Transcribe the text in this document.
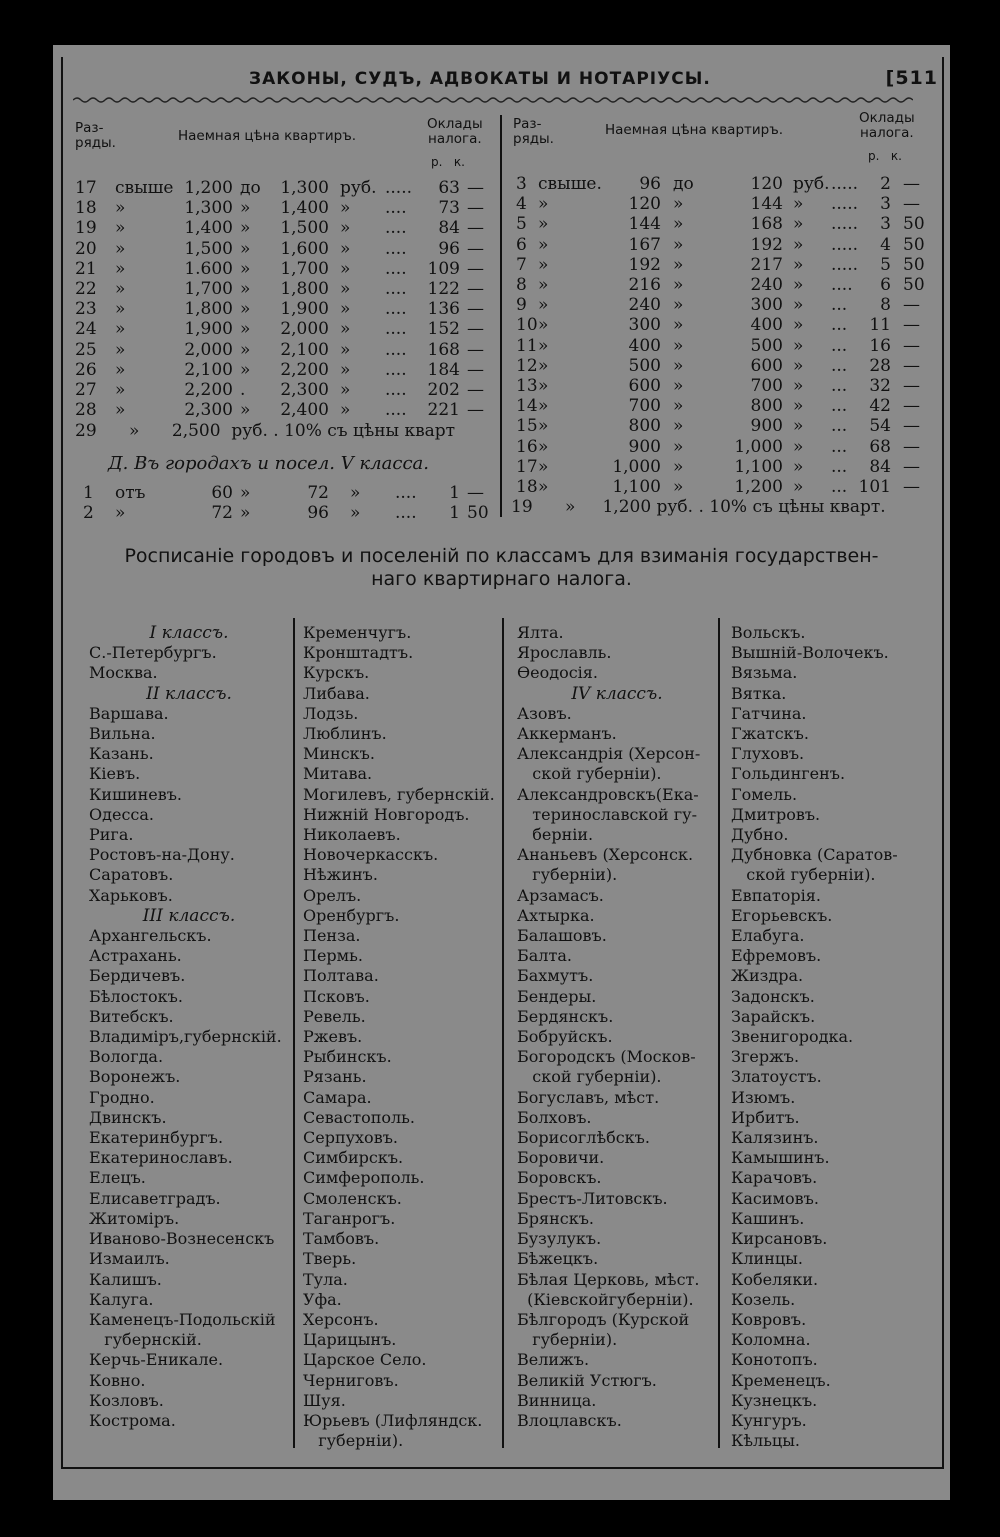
ЗАКОНЫ, СУДЪ, АДВОКАТЫ И НОТАРІУСЫ.	[511
Раз-
ряды.	Наемная цѣна квартиръ.
Оклады
налога.
р.   к.
Раз-
ряды.
Наемная цѣна квартиръ.
Оклады
налога.
р.   к.
17 свыше 1,200 до 1,300 руб. ..... 63 —
18 »	1,300 » 1,400 » .... 73 —
19 »	1,400 » 1,500 » .... 84 —
20 »	1,500 » 1,600 » .... 96 —
21 »	1.600 » 1,700 » .... 109 —
22 »	1,700 » 1,800 » .... 122 —
23 »	1,800 » 1,900 » .... 136 —
24 »	1,900 » 2,000 » .... 152 —
25 »	2,000 » 2,100 » .... 168 —
26 »	2,100 » 2,200 » .... 184 —
27 »	2,200 . 2,300 » .... 202 —
28 »	2,300 » 2,400 » .... 221 —
29      »      2,500  руб. . 10% съ цѣны кварт
Д. Въ городахъ и посел. V класса.
1 отъ	60 »	72 » .... 1 —
2 »	72 »	96 » .... 1 50
3 свыше. 96 до	120 руб. ..... 2 —
4 »	120 »	144 » ..... 3 —
5 »	144 »	168 » ..... 3 50
6 »	167 »	192 » ..... 4 50
7 »	192 »	217 » ..... 5 50
8 »	216 »	240 » .... 6 50
9 »	240 »	300 » ... 8 —
10 »	300 »	400 » ... 11 —
11 »	400 »	500 » ... 16 —
12 »	500 »	600 » ... 28 —
13 »	600 »	700 » ... 32 —
14 »	700 »	800 » ... 42 —
15 »	800 »	900 » ... 54 —
16 »	900 »	1,000 » ... 68 —
17 »	1,000 »	1,100 » ... 84 —
18 »	1,100 »	1,200 » ... 101 —
19      »     1,200 руб. . 10% съ цѣны кварт.
Росписаніе городовъ и поселеній по классамъ для взиманія государствен-
наго квартирнаго налога.
I классъ.
С.-Петербургъ.
Москва.
II классъ.
Варшава.
Вильна.
Казань.
Кіевъ.
Кишиневъ.
Одесса.
Рига.
Ростовъ-на-Дону.
Саратовъ.
Харьковъ.
III классъ.
Архангельскъ.
Астрахань.
Бердичевъ.
Бѣлостокъ.
Витебскъ.
Владиміръ,губернскій.
Вологда.
Воронежъ.
Гродно.
Двинскъ.
Екатеринбургъ.
Екатеринославъ.
Елецъ.
Елисаветградъ.
Житоміръ.
Иваново-Вознесенскъ
Измаилъ.
Калишъ.
Калуга.
Каменецъ-Подольскій
губернскій.
Керчь-Еникале.
Ковно.
Козловъ.
Кострома.
Кременчугъ.
Кронштадтъ.
Курскъ.
Либава.
Лодзь.
Люблинъ.
Минскъ.
Митава.
Могилевъ, губернскій.
Нижній Новгородъ.
Николаевъ.
Новочеркасскъ.
Нѣжинъ.
Орелъ.
Оренбургъ.
Пенза.
Пермь.
Полтава.
Псковъ.
Ревель.
Ржевъ.
Рыбинскъ.
Рязань.
Самара.
Севастополь.
Серпуховъ.
Симбирскъ.
Симферополь.
Смоленскъ.
Таганрогъ.
Тамбовъ.
Тверь.
Тула.
Уфа.
Херсонъ.
Царицынъ.
Царское Село.
Черниговъ.
Шуя.
Юрьевъ (Лифляндск.
губерніи).
Ялта.
Ярославль.
Ѳеодосія.
IV классъ.
Азовъ.
Аккерманъ.
Александрія (Херсон-
ской губерніи).
Александровскъ(Ека-
теринославской гу-
берніи.
Ананьевъ (Херсонск.
губерніи).
Арзамасъ.
Ахтырка.
Балашовъ.
Балта.
Бахмутъ.
Бендеры.
Бердянскъ.
Бобруйскъ.
Богородскъ (Москов-
ской губерніи).
Богуславъ, мѣст.
Болховъ.
Борисоглѣбскъ.
Боровичи.
Боровскъ.
Брестъ-Литовскъ.
Брянскъ.
Бузулукъ.
Бѣжецкъ.
Бѣлая Церковь, мѣст.
(Кіевскойгуберніи).
Бѣлгородъ (Курской
губерніи).
Велижъ.
Великій Устюгъ.
Винница.
Влоцлавскъ.
Вольскъ.
Вышній-Волочекъ.
Вязьма.
Вятка.
Гатчина.
Гжатскъ.
Глуховъ.
Гольдингенъ.
Гомель.
Дмитровъ.
Дубно.
Дубновка (Саратов-
ской губерніи).
Евпаторія.
Егорьевскъ.
Елабуга.
Ефремовъ.
Жиздра.
Задонскъ.
Зарайскъ.
Звенигородка.
Згержъ.
Златоустъ.
Изюмъ.
Ирбитъ.
Калязинъ.
Камышинъ.
Карачовъ.
Касимовъ.
Кашинъ.
Кирсановъ.
Клинцы.
Кобеляки.
Козель.
Ковровъ.
Коломна.
Конотопъ.
Кременецъ.
Кузнецкъ.
Кунгуръ.
Кѣльцы.
